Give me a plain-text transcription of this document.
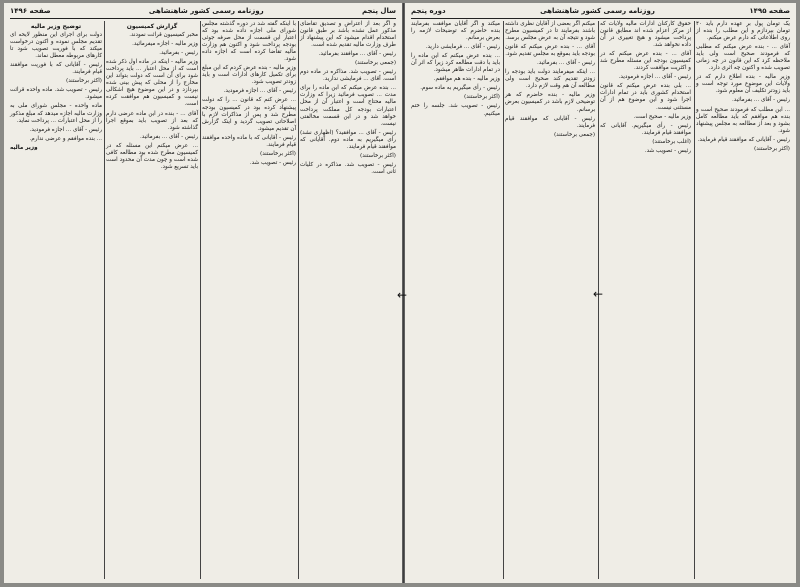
سال پنجم
روزنامه رسمی کشور شاهنشاهی
صفحه ۱۴۹۶

و اگر بعد از اعتراض و تصدیق تقاضای مذکور عمل نشده باشد بر طبق قانون استخدام اقدام میشود که این پیشنهاد از طرف وزارت مالیه تقدیم شده است.

رئیس - آقای ... موافقند بفرمائید.

(جمعی برخاستند)

رئیس - تصویب شد. مذاکره در ماده دوم است. آقای ... فرمایشی ندارید.

... بنده عرض میکنم که این ماده را برای مدت ... تصویب فرمائید زیرا که وزارت مالیه محتاج است و اعتبار آن از محل اعتبارات بودجه کل مملکت پرداخت خواهد شد و در این قسمت مخالفتی نیست.

رئیس - آقای ... موافقید؟ (اظهاری نشد) رأی میگیریم به ماده دوم. آقایانی که موافقند قیام فرمایند.

(اکثر برخاستند)

رئیس - تصویب شد. مذاکره در کلیات ثانی است.

با اینکه گفته شد در دوره گذشته مجلس شورای ملی اجازه داده شده بود که اعتبار این قسمت از محل صرفه جوئی بودجه پرداخت شود و اکنون هم وزارت مالیه تقاضا کرده است که اجازه داده شود.

وزیر مالیه - بنده عرض کردم که این مبلغ برای تکمیل کارهای ادارات است و باید زودتر تصویب شود.

رئیس - آقای ... اجازه فرمودید.

... عرض کنم که قانون ... را که دولت پیشنهاد کرده بود در کمیسیون بودجه مطرح شد و پس از مذاکرات لازم با اصلاحاتی تصویب گردید و اینک گزارش آن تقدیم میشود.

رئیس - آقایانی که با ماده واحده موافقند قیام فرمایند.

(اکثر برخاستند)

رئیس - تصویب شد.

گزارش کمیسیون

مخبر کمیسیون قرائت نمودند.

وزیر مالیه - اجازه میفرمائید.

رئیس - بفرمائید.

وزیر مالیه - اینکه در ماده اول ذکر شده است که از محل اعتبار ... باید پرداخت شود برای آن است که دولت بتواند این مخارج را از محلی که پیش بینی شده بپردازد و در این موضوع هیچ اشکالی نیست و کمیسیون هم موافقت کرده است.

آقای ... - بنده در این ماده عرضی دارم که بعد از تصویب باید بموقع اجرا گذاشته شود.

رئیس - آقای ... بفرمائید.

... عرض میکنم این مسئله که در کمیسیون مطرح شده بود مطالعه کافی شده است و چون مدت آن محدود است باید تسریع شود.

توضیح وزیر مالیه

دولت برای اجرای این منظور لایحه ای تقدیم مجلس نموده و اکنون درخواست میکند که با فوریت تصویب شود تا کارهای مربوطه معطل نماند.

رئیس - آقایانی که با فوریت موافقند قیام فرمایند.

(اکثر برخاستند)

رئیس - تصویب شد. ماده واحده قرائت میشود.

ماده واحده - مجلس شورای ملی به وزارت مالیه اجازه میدهد که مبلغ مذکور را از محل اعتبارات ... پرداخت نماید.

رئیس - آقای ... اجازه فرمودید.

... بنده موافقم و عرضی ندارم.

وزیر مالیه
صفحه ۱۴۹۵
روزنامه رسمی کشور شاهنشاهی
دوره پنجم

یک تومان پول بر عهده دارم باید ۴۰ تومان بپردازم و این مطلب را بنده از روی اطلاعاتی که دارم عرض میکنم.

آقای ... - بنده عرض میکنم که مطلبی که فرمودند صحیح است ولی باید ملاحظه کرد که این قانون در چه زمانی تصویب شده و اکنون چه اثری دارد.

وزیر مالیه - بنده اطلاع دارم که در ولایات این موضوع مورد توجه است و باید زودتر تکلیف آن معلوم شود.

رئیس - آقای ... بفرمائید.

... این مطلب که فرمودند صحیح است و بنده هم موافقم که باید مطالعه کامل بشود و بعد از مطالعه به مجلس پیشنهاد شود.

رئیس - آقایانی که موافقند قیام فرمایند.

(اکثر برخاستند)

حقوق کارکنان ادارات مالیه ولایات که از مرکز اعزام شده اند مطابق قانون پرداخت میشود و هیچ تغییری در آن داده نخواهد شد.

آقای ... - بنده عرض میکنم که در کمیسیون بودجه این مسئله مطرح شد و اکثریت موافقت کردند.

رئیس - آقای ... اجازه فرمودید.

... بلی بنده عرض میکنم که قانون استخدام کشوری باید در تمام ادارات اجرا شود و این موضوع هم از آن مستثنی نیست.

وزیر مالیه - صحیح است.

رئیس - رأی میگیریم. آقایانی که موافقند قیام فرمایند.

(اغلب برخاستند)

رئیس - تصویب شد.

میکنم اگر بعضی از آقایان نظری داشته باشند بفرمایند تا در کمیسیون مطرح شود و نتیجه آن به عرض مجلس برسد.

آقای ... - بنده عرض میکنم که قانون بودجه باید بموقع به مجلس تقدیم شود.

رئیس - آقای ... بفرمائید.

... اینکه میفرمایند دولت باید بودجه را زودتر تقدیم کند صحیح است ولی مطالعه آن هم وقت لازم دارد.

وزیر مالیه - بنده حاضرم که هر توضیحی لازم باشد در کمیسیون بعرض برسانم.

رئیس - آقایانی که موافقند قیام فرمایند.

(جمعی برخاستند)

میکند و اگر آقایان موافقت بفرمایند بنده حاضرم که توضیحات لازمه را بعرض برسانم.

رئیس - آقای ... فرمایشی دارید.

... بنده عرض میکنم که این ماده را باید با دقت مطالعه کرد زیرا که اثر آن در تمام ادارات ظاهر میشود.

وزیر مالیه - بنده هم موافقم.

رئیس - رأی میگیریم به ماده سوم.

(اکثر برخاستند)

رئیس - تصویب شد. جلسه را ختم میکنیم.

←	←
